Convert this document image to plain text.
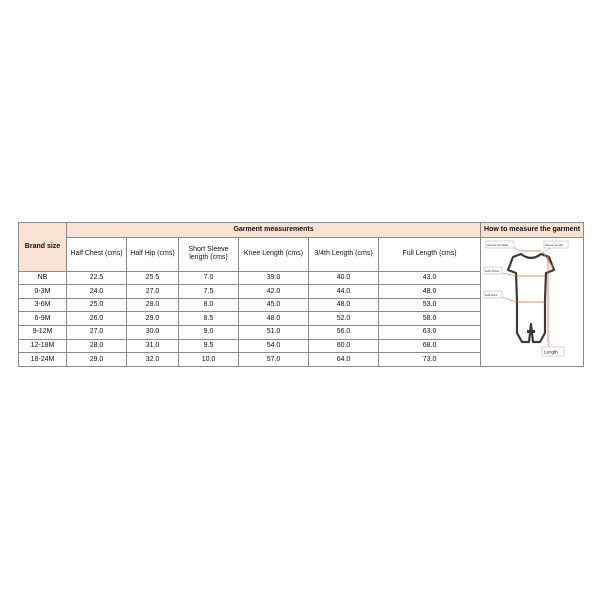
Brand size	Garment measurements						How to measure the garment
	Half Chest (cms)	Half Hip (cms)	Short Sleeve length (cms)	Knee Length (cms)	3/4th Length (cms)	Full Length (cms)	Across shoulder Sleeve length
Half Chest
Half Hips
Length

NB	22.5	25.5	7.0	39.0	40.0	43.0	
0-3M	24.0	27.0	7.5	42.0	44.0	48.0	
3-6M	25.0	28.0	8.0	45.0	48.0	53.0	
6-9M	26.0	29.0	8.5	48.0	52.0	58.0	
9-12M	27.0	30.0	9.0	51.0	56.0	63.0	
12-18M	28.0	31.0	9.5	54.0	60.0	68.0	
18-24M	29.0	32.0	10.0	57.0	64.0	73.0	
